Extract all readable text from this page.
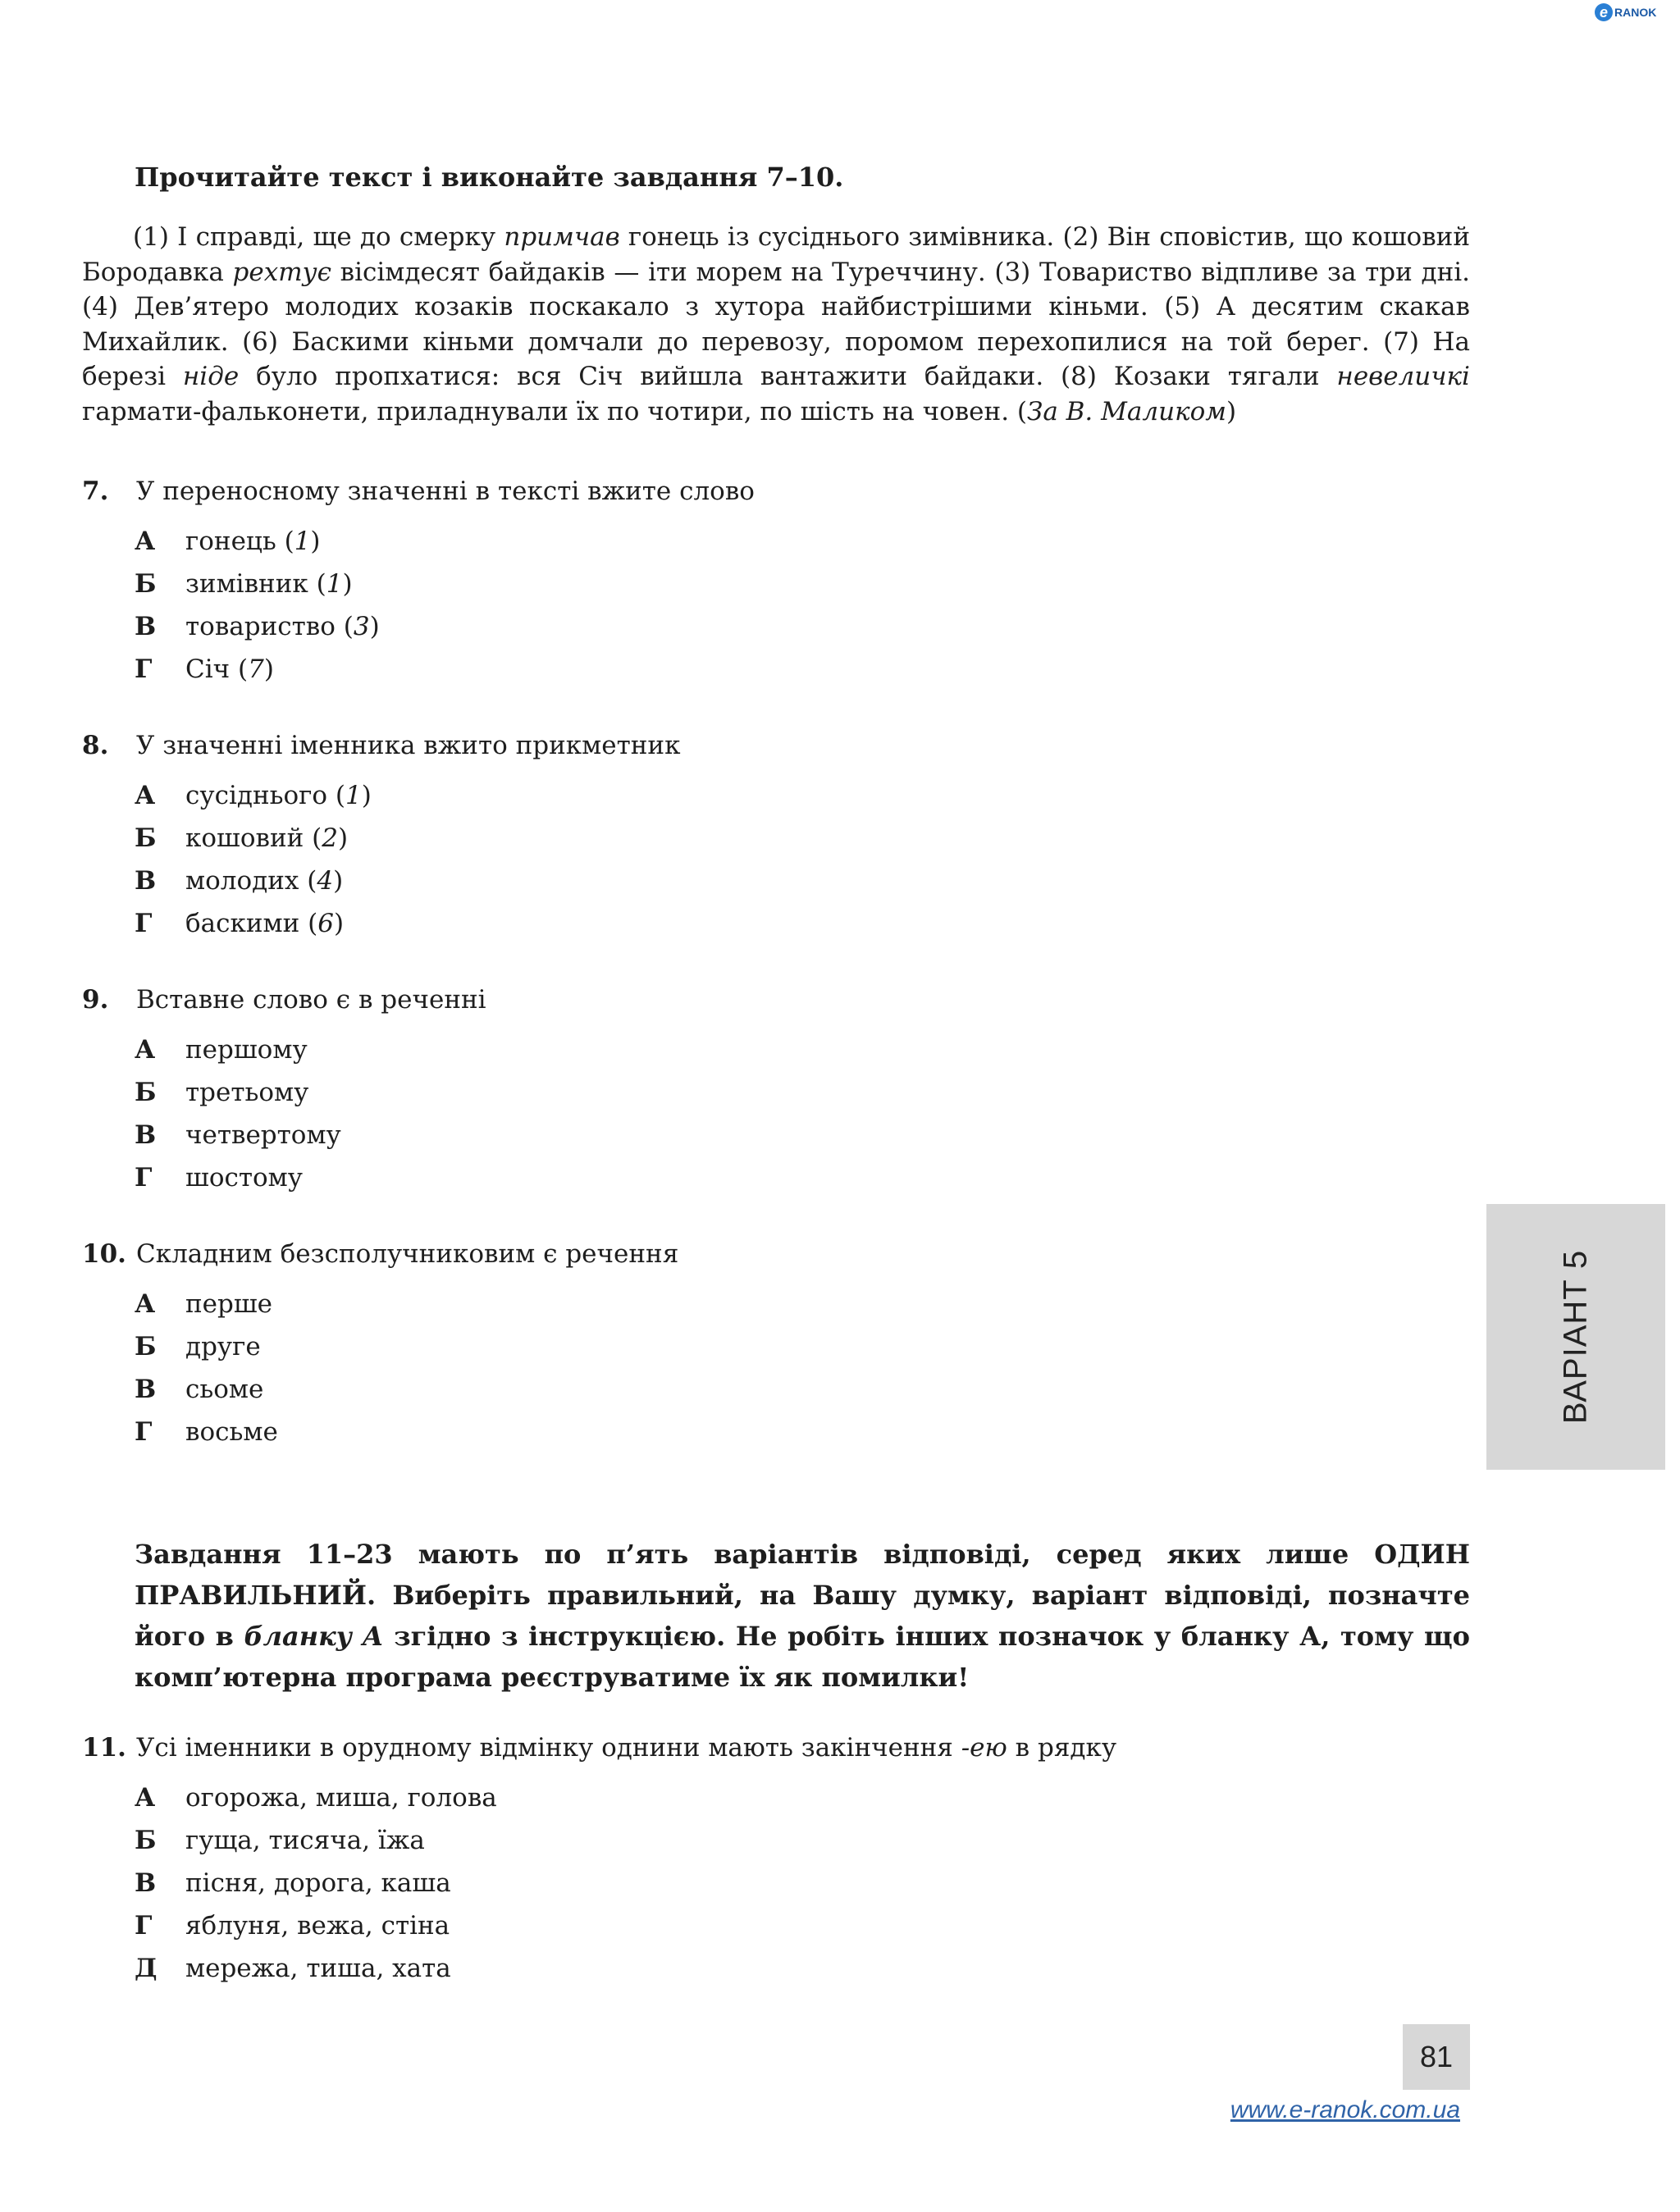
e RANOK
Прочитайте текст і виконайте завдання 7–10.

(1) І справді, ще до смерку примчав гонець із сусіднього зимівника. (2) Він сповістив, що кошовий Бородавка рехтує вісімдесят байдаків — іти морем на Туреччину. (3) Товариство відпливе за три дні. (4) Дев’ятеро молодих козаків поскакало з хутора найбистрішими кіньми. (5) А десятим скакав Михайлик. (6) Баскими кіньми домчали до перевозу, поромом перехопилися на той берег. (7) На березі ніде було пропхатися: вся Січ вийшла вантажити байдаки. (8) Козаки тягали невеличкі гармати-фальконети, приладнували їх по чотири, по шість на човен. (За В. Маликом)

7. У переносному значенні в тексті вжите слово
А гонець (1)
Б зимівник (1)
В товариство (3)
Г Січ (7)
8. У значенні іменника вжито прикметник
А сусіднього (1)
Б кошовий (2)
В молодих (4)
Г баскими (6)
9. Вставне слово є в реченні
А першому
Б третьому
В четвертому
Г шостому
10. Складним безсполучниковим є речення
А перше
Б друге
В сьоме
Г восьме
Завдання 11–23 мають по п’ять варіантів відповіді, серед яких лише ОДИН ПРАВИЛЬНИЙ. Виберіть правильний, на Вашу думку, варіант відповіді, позначте його в бланку А згідно з інструкцією. Не робіть інших позначок у бланку А, тому що комп’ютерна програма реєструватиме їх як помилки!
11. Усі іменники в орудному відмінку однини мають закінчення -ею в рядку
А огорожа, миша, голова
Б гуща, тисяча, їжа
В пісня, дорога, каша
Г яблуня, вежа, стіна
Д мережа, тиша, хата
ВАРІАНТ 5
81
www.e-ranok.com.ua
